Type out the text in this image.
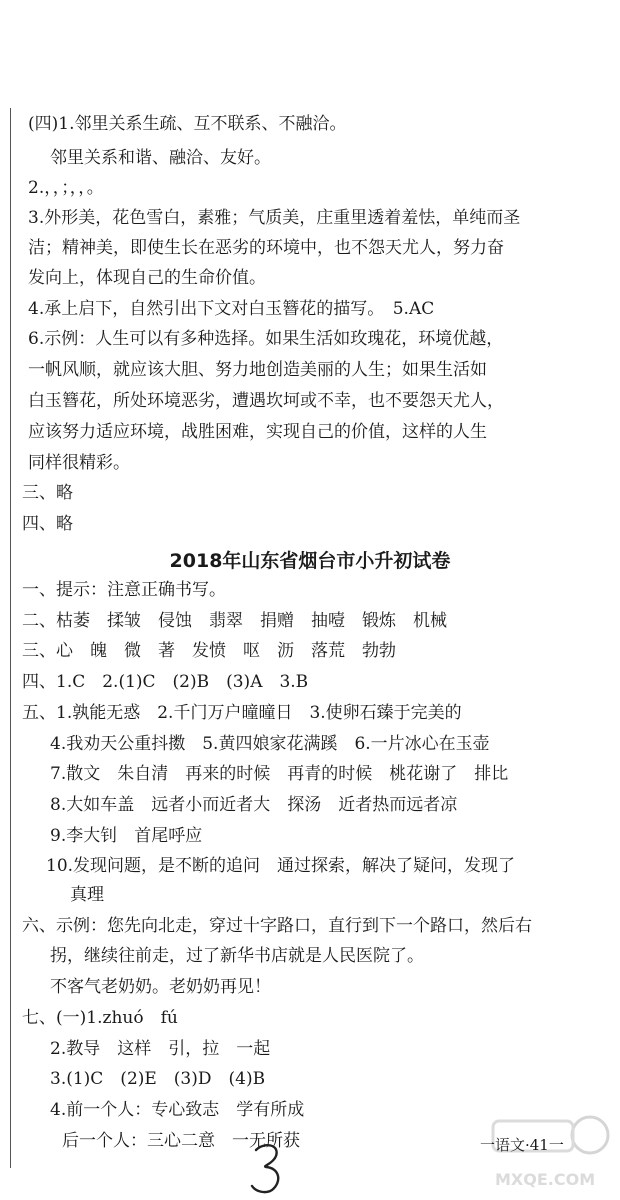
(四)1.邻里关系生疏、互不联系、不融洽。
邻里关系和谐、融洽、友好。
2.，，；，，。
3.外形美，花色雪白，素雅；气质美，庄重里透着羞怯，单纯而圣
洁；精神美，即使生长在恶劣的环境中，也不怨天尤人，努力奋
发向上，体现自己的生命价值。
4.承上启下，自然引出下文对白玉簪花的描写。　5.AC
6.示例：人生可以有多种选择。如果生活如玫瑰花，环境优越，
一帆风顺，就应该大胆、努力地创造美丽的人生；如果生活如
白玉簪花，所处环境恶劣，遭遇坎坷或不幸，也不要怨天尤人，
应该努力适应环境，战胜困难，实现自己的价值，这样的人生
同样很精彩。
三、略
四、略
2018年山东省烟台市小升初试卷
一、提示：注意正确书写。
二、枯萎　揉皱　侵蚀　翡翠　捐赠　抽噎　锻炼　机械
三、心　魄　微　著　发愤　呕　沥　落荒　勃勃
四、1.C　2.(1)C　(2)B　(3)A　3.B
五、1.孰能无惑　2.千门万户曈曈日　3.使卵石臻于完美的
4.我劝天公重抖擞　5.黄四娘家花满蹊　6.一片冰心在玉壶
7.散文　朱自清　再来的时候　再青的时候　桃花谢了　排比
8.大如车盖　远者小而近者大　探汤　近者热而远者凉
9.李大钊　首尾呼应
10.发现问题，是不断的追问　通过探索，解决了疑问，发现了
真理
六、示例：您先向北走，穿过十字路口，直行到下一个路口，然后右
拐，继续往前走，过了新华书店就是人民医院了。
不客气老奶奶。老奶奶再见！
七、(一)1.zhuó　fú
2.教导　这样　引，拉　一起
3.(1)C　(2)E　(3)D　(4)B
4.前一个人：专心致志　学有所成
后一个人：三心二意　一无所获
MXQE.COM
一语文·41一
